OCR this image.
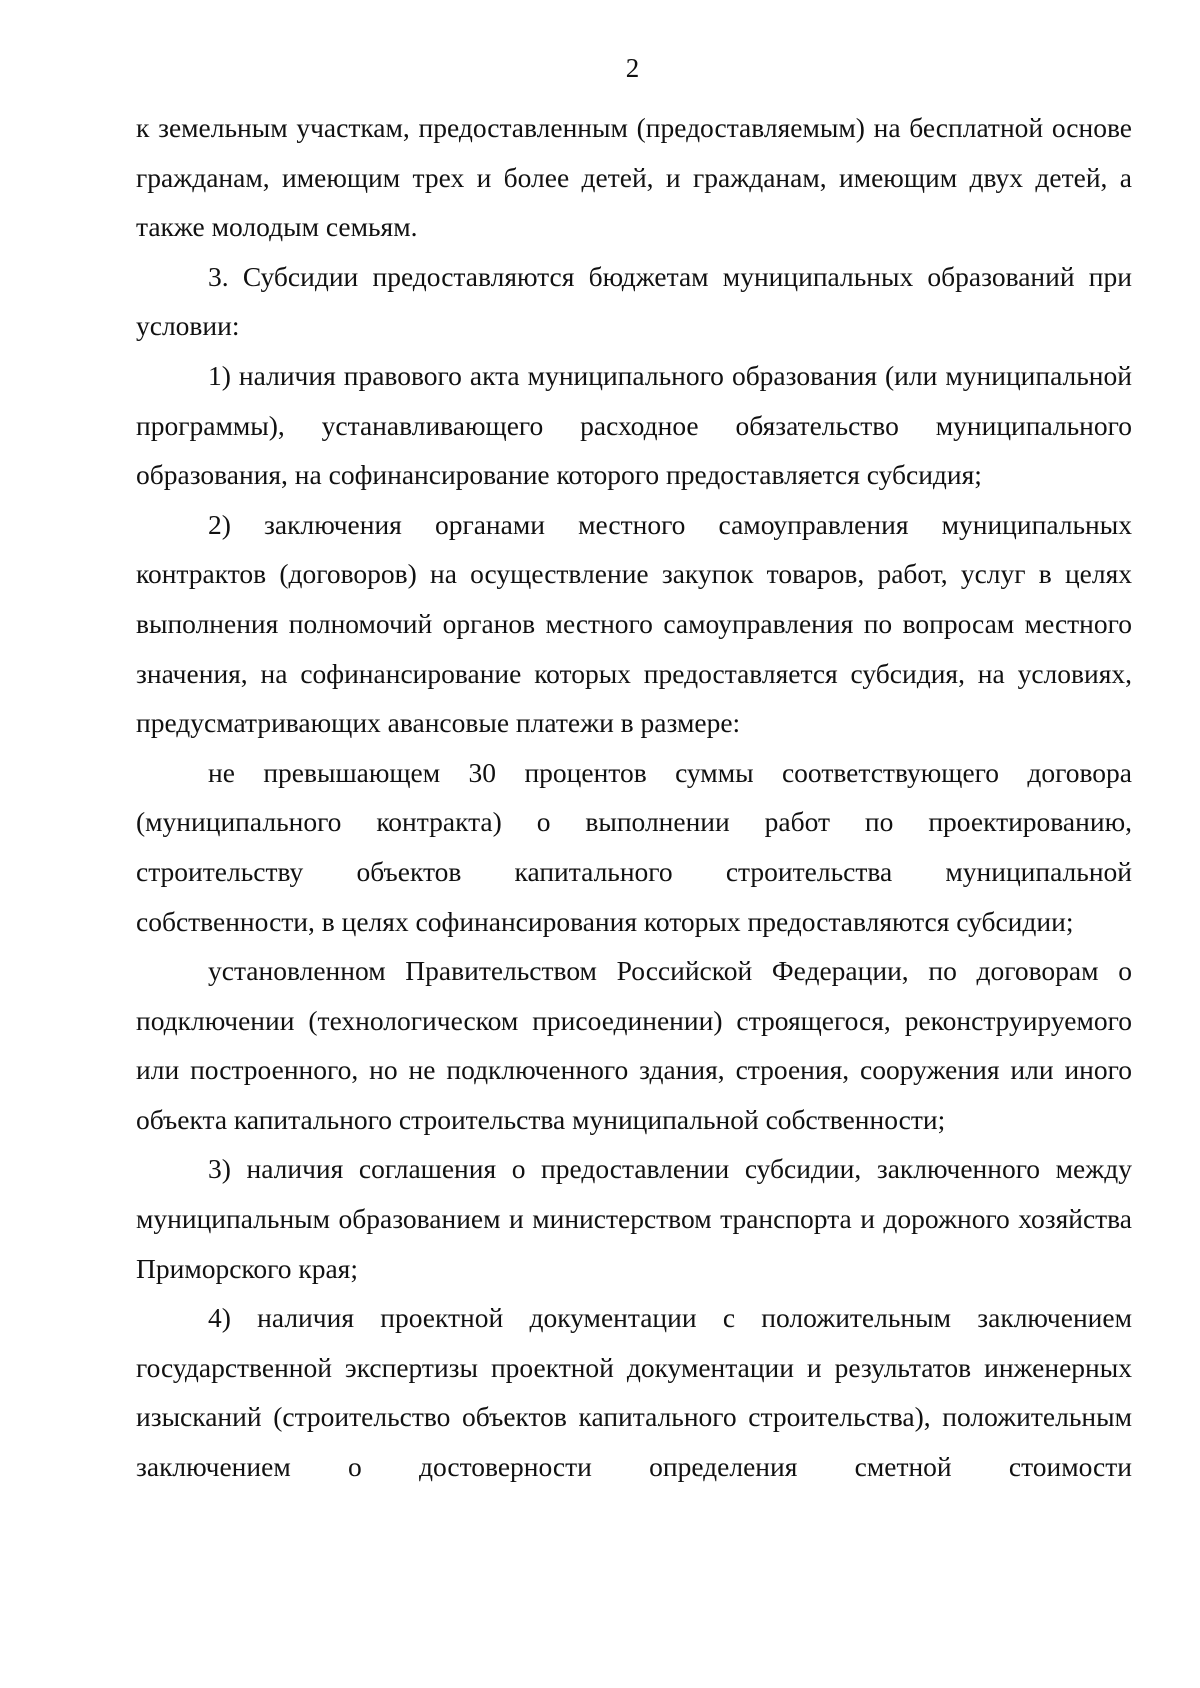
2

к земельным участкам, предоставленным (предоставляемым) на бесплатной основе гражданам, имеющим трех и более детей, и гражданам, имеющим двух детей, а также молодым семьям.

3. Субсидии предоставляются бюджетам муниципальных образований при условии:

1) наличия правового акта муниципального образования (или муниципальной программы), устанавливающего расходное обязательство муниципального образования, на софинансирование которого предоставляется субсидия;

2) заключения органами местного самоуправления муниципальных контрактов (договоров) на осуществление закупок товаров, работ, услуг в целях выполнения полномочий органов местного самоуправления по вопросам местного значения, на софинансирование которых предоставляется субсидия, на условиях, предусматривающих авансовые платежи в размере:

не превышающем 30 процентов суммы соответствующего договора (муниципального контракта) о выполнении работ по проектированию, строительству объектов капитального строительства муниципальной собственности, в целях софинансирования которых предоставляются субсидии;

установленном Правительством Российской Федерации, по договорам о подключении (технологическом присоединении) строящегося, реконструируемого или построенного, но не подключенного здания, строения, сооружения или иного объекта капитального строительства муниципальной собственности;

3) наличия соглашения о предоставлении субсидии, заключенного между муниципальным образованием и министерством транспорта и дорожного хозяйства Приморского края;

4) наличия проектной документации с положительным заключением государственной экспертизы проектной документации и результатов инженерных изысканий (строительство объектов капитального строительства), положительным заключением о достоверности определения сметной стоимости
